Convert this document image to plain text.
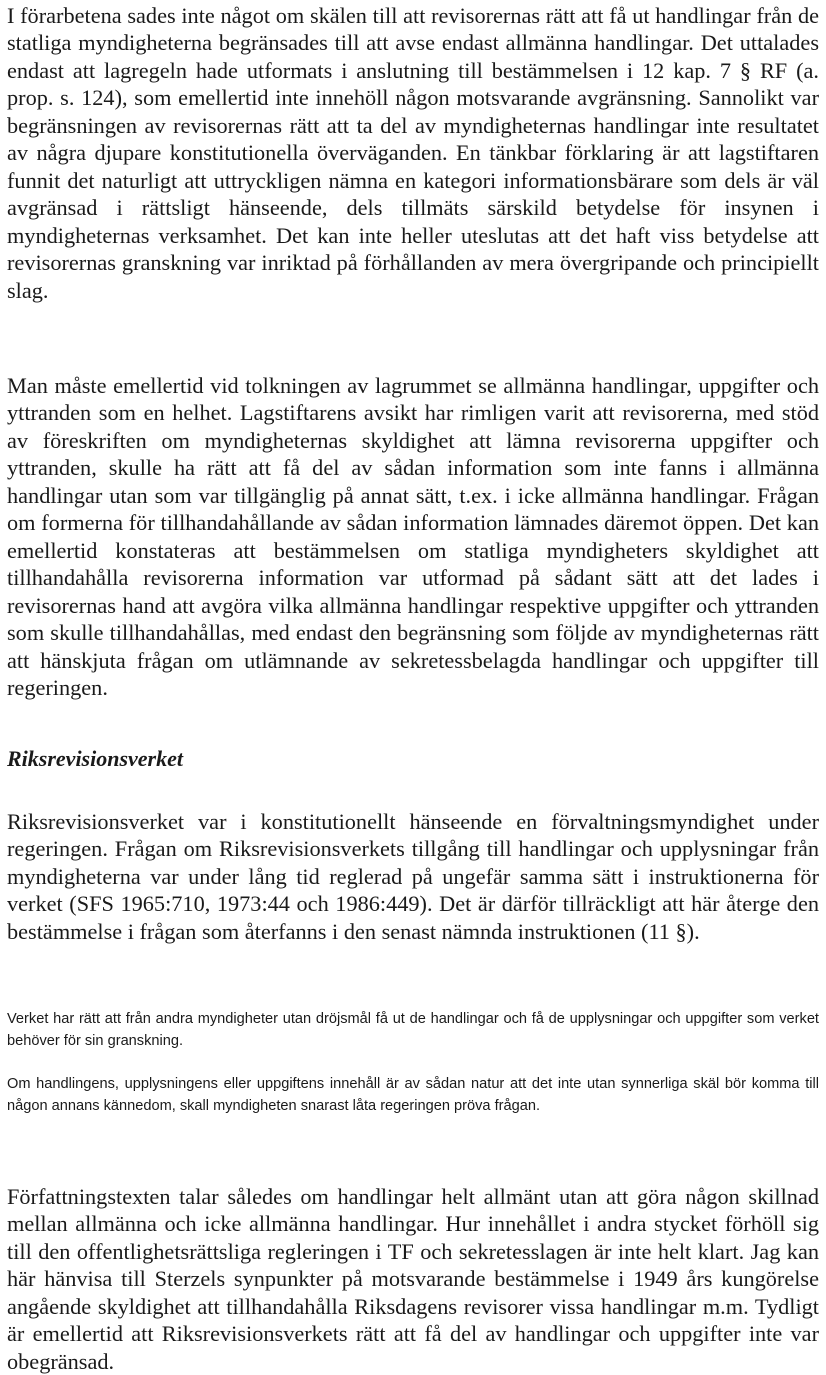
I förarbetena sades inte något om skälen till att revisorernas rätt att få ut handlingar från de statliga myndigheterna begränsades till att avse endast allmänna handlingar. Det uttalades endast att lagregeln hade utformats i anslutning till bestämmelsen i 12 kap. 7 § RF (a. prop. s. 124), som emellertid inte innehöll någon motsvarande avgränsning. Sannolikt var begränsningen av revisorernas rätt att ta del av myndigheternas handlingar inte resultatet av några djupare konstitutionella överväganden. En tänkbar förklaring är att lagstiftaren funnit det naturligt att uttryckligen nämna en kategori informationsbärare som dels är väl avgränsad i rättsligt hänseende, dels tillmäts särskild betydelse för insynen i myndigheternas verksamhet. Det kan inte heller uteslutas att det haft viss betydelse att revisorernas granskning var inriktad på förhållanden av mera övergripande och principiellt slag.

Man måste emellertid vid tolkningen av lagrummet se allmänna handlingar, uppgifter och yttranden som en helhet. Lagstiftarens avsikt har rimligen varit att revisorerna, med stöd av föreskriften om myndigheternas skyldighet att lämna revisorerna uppgifter och yttranden, skulle ha rätt att få del av sådan information som inte fanns i allmänna handlingar utan som var tillgänglig på annat sätt, t.ex. i icke allmänna handlingar. Frågan om formerna för tillhandahållande av sådan information lämnades däremot öppen. Det kan emellertid konstateras att bestämmelsen om statliga myndigheters skyldighet att tillhandahålla revisorerna information var utformad på sådant sätt att det lades i revisorernas hand att avgöra vilka allmänna handlingar respektive uppgifter och yttranden som skulle tillhandahållas, med endast den begränsning som följde av myndigheternas rätt att hänskjuta frågan om utlämnande av sekretessbelagda handlingar och uppgifter till regeringen.

Riksrevisionsverket

Riksrevisionsverket var i konstitutionellt hänseende en förvaltningsmyndighet under regeringen. Frågan om Riksrevisionsverkets tillgång till handlingar och upplysningar från myndigheterna var under lång tid reglerad på ungefär samma sätt i instruktionerna för verket (SFS 1965:710, 1973:44 och 1986:449). Det är därför tillräckligt att här återge den bestämmelse i frågan som återfanns i den senast nämnda instruktionen (11 §).

Verket har rätt att från andra myndigheter utan dröjsmål få ut de handlingar och få de upplysningar och uppgifter som verket behöver för sin granskning.

Om handlingens, upplysningens eller uppgiftens innehåll är av sådan natur att det inte utan synnerliga skäl bör komma till någon annans kännedom, skall myndigheten snarast låta regeringen pröva frågan.

Författningstexten talar således om handlingar helt allmänt utan att göra någon skillnad mellan allmänna och icke allmänna handlingar. Hur innehållet i andra stycket förhöll sig till den offentlighetsrättsliga regleringen i TF och sekretesslagen är inte helt klart. Jag kan här hänvisa till Sterzels synpunkter på motsvarande bestämmelse i 1949 års kungörelse angående skyldighet att tillhandahålla Riksdagens revisorer vissa handlingar m.m. Tydligt är emellertid att Riksrevisionsverkets rätt att få del av handlingar och uppgifter inte var obegränsad.
